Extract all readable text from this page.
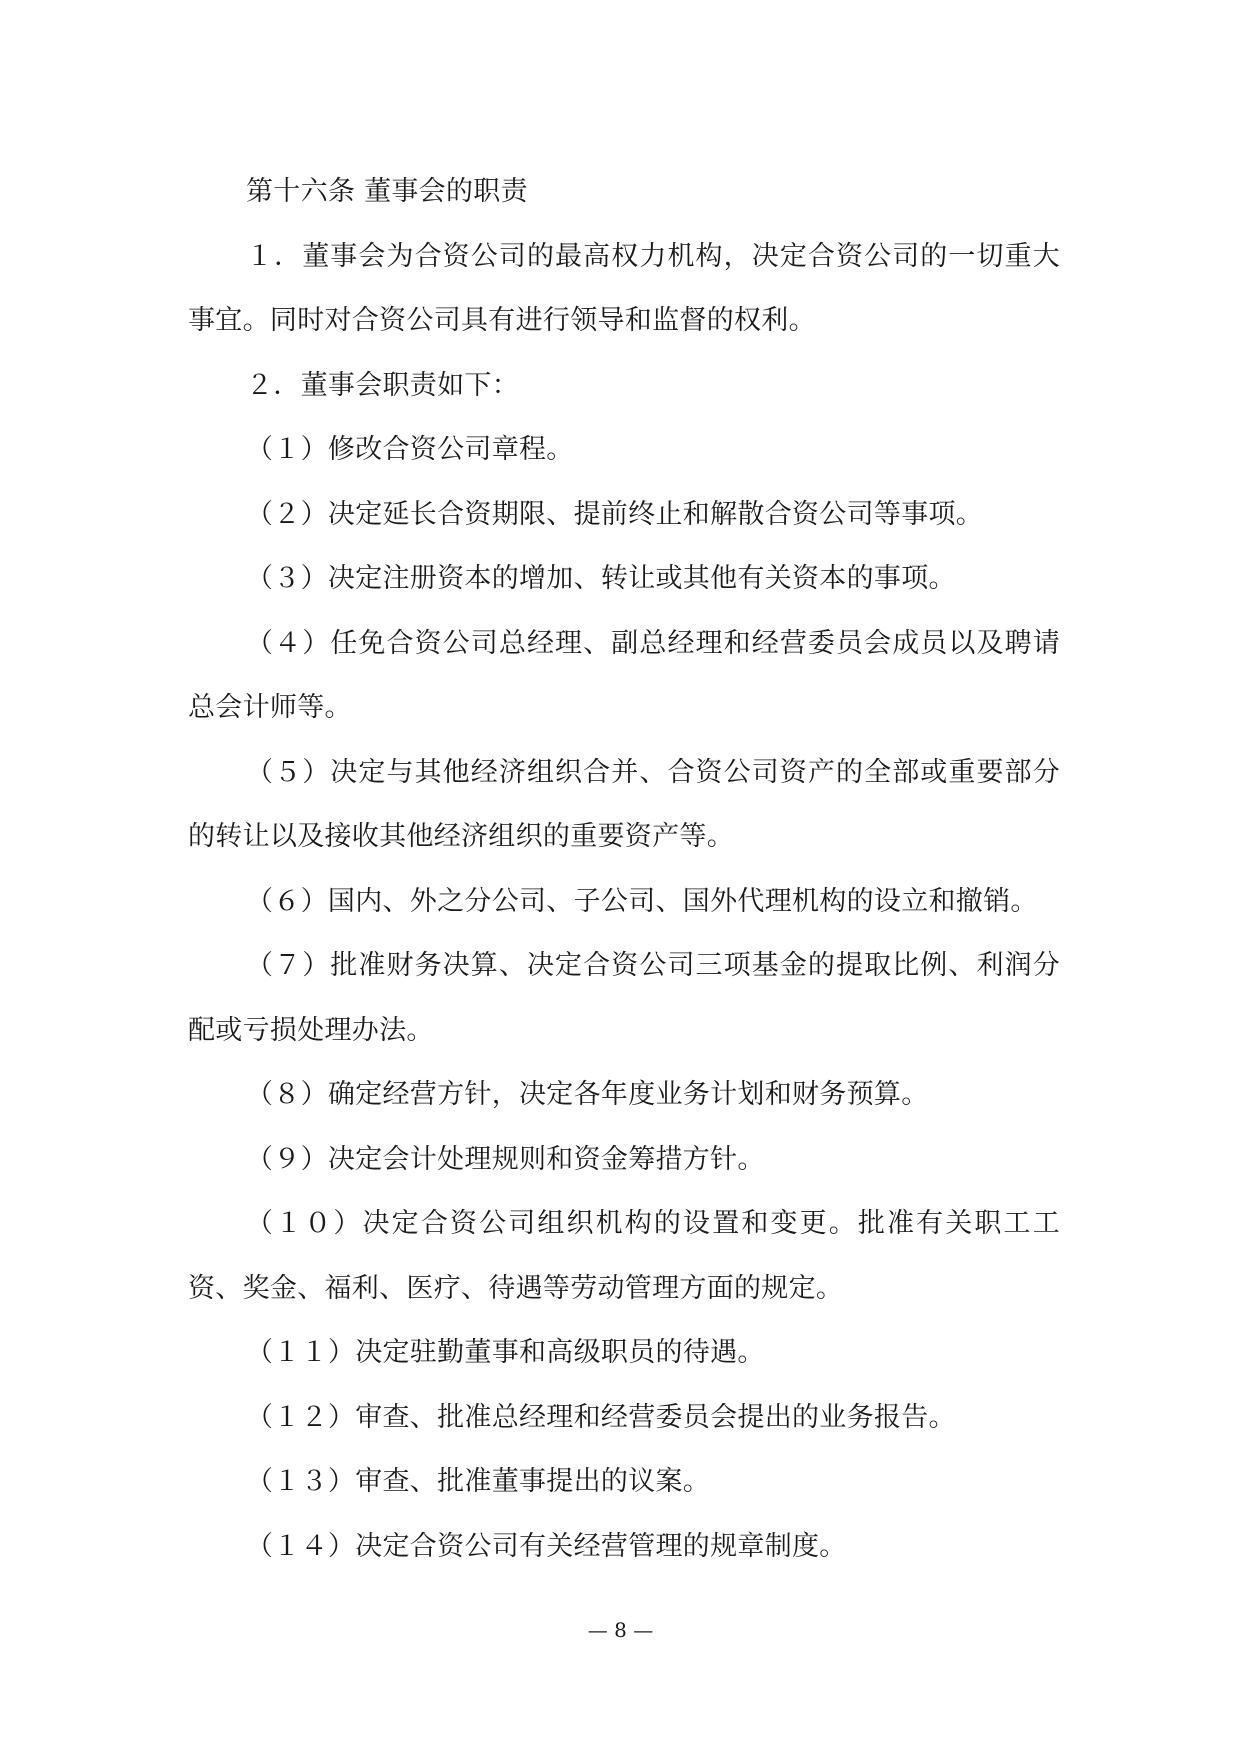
第十六条 董事会的职责

１．董事会为合资公司的最高权力机构，决定合资公司的一切重大事宜。同时对合资公司具有进行领导和监督的权利。

２．董事会职责如下：

（１）修改合资公司章程。

（２）决定延长合资期限、提前终止和解散合资公司等事项。

（３）决定注册资本的增加、转让或其他有关资本的事项。

（４）任免合资公司总经理、副总经理和经营委员会成员以及聘请总会计师等。

（５）决定与其他经济组织合并、合资公司资产的全部或重要部分的转让以及接收其他经济组织的重要资产等。

（６）国内、外之分公司、子公司、国外代理机构的设立和撤销。

（７）批准财务决算、决定合资公司三项基金的提取比例、利润分配或亏损处理办法。

（８）确定经营方针，决定各年度业务计划和财务预算。

（９）决定会计处理规则和资金筹措方针。

（１０）决定合资公司组织机构的设置和变更。批准有关职工工资、奖金、福利、医疗、待遇等劳动管理方面的规定。

（１１）决定驻勤董事和高级职员的待遇。

（１２）审查、批准总经理和经营委员会提出的业务报告。

（１３）审查、批准董事提出的议案。

（１４）决定合资公司有关经营管理的规章制度。

— 8 —
